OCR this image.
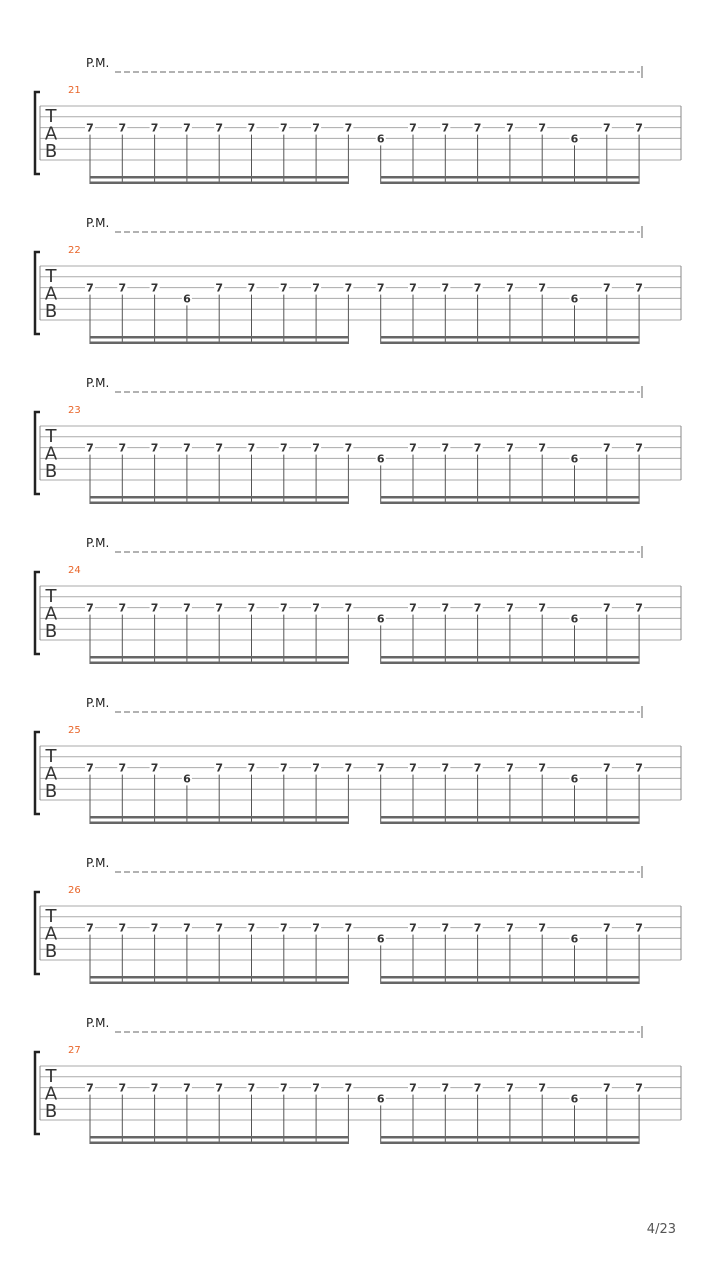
P.M.
21
T
A
B
7 7 7 7 7 7 7 7 7
6
7 7 7 7 7
6
7 7
P.M.
22
T
A
B
7 7 7
6
7 7 7 7 7 7 7 7 7 7 7
6
7 7
P.M.
23
T
A
B
7 7 7 7 7 7 7 7 7
6
7 7 7 7 7
6
7 7
P.M.
24
T
A
B
7 7 7 7 7 7 7 7 7
6
7 7 7 7 7
6
7 7
P.M.
25
T
A
B
7 7 7
6
7 7 7 7 7 7 7 7 7 7 7
6
7 7
P.M.
26
T
A
B
7 7 7 7 7 7 7 7 7
6
7 7 7 7 7
6
7 7
P.M.
27
T
A
B
7 7 7 7 7 7 7 7 7
6
7 7 7 7 7
6
7 7
4/23
